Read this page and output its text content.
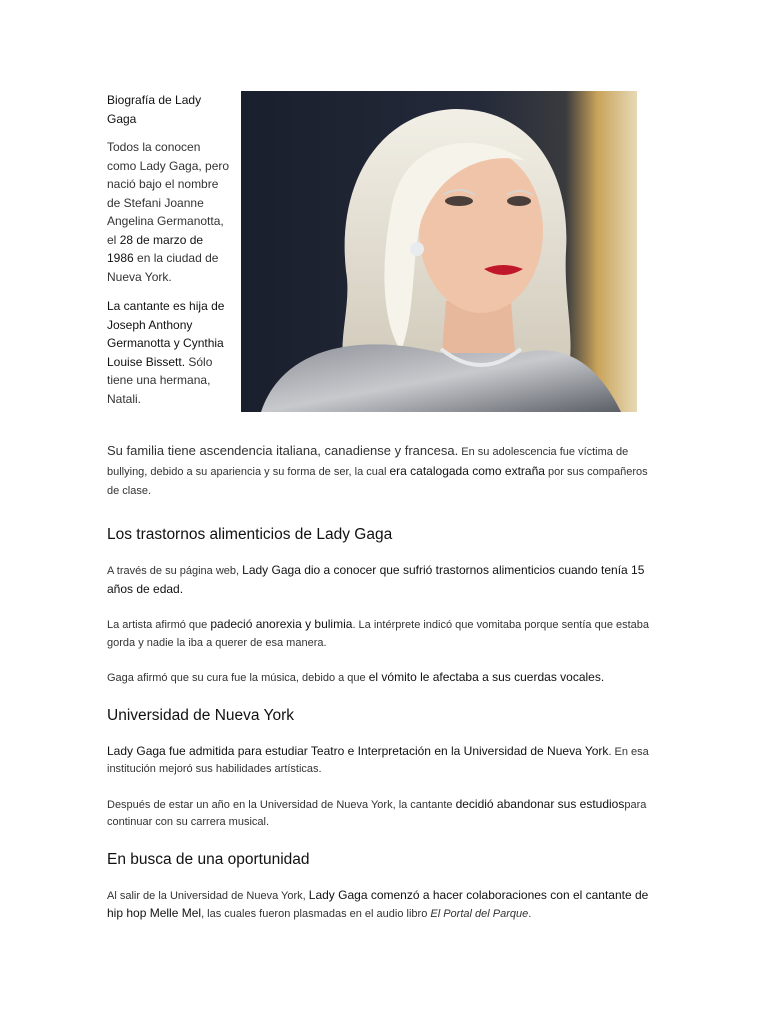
Biografía de Lady Gaga

Todos la conocen como Lady Gaga, pero nació bajo el nombre de Stefani Joanne Angelina Germanotta, el 28 de marzo de 1986 en la ciudad de Nueva York.

La cantante es hija de Joseph Anthony Germanotta y Cynthia Louise Bissett. Sólo tiene una hermana, Natali.

Su familia tiene ascendencia italiana, canadiense y francesa. En su adolescencia fue víctima de bullying, debido a su apariencia y su forma de ser, la cual era catalogada como extraña por sus compañeros de clase.

Los trastornos alimenticios de Lady Gaga

A través de su página web, Lady Gaga dio a conocer que sufrió trastornos alimenticios cuando tenía 15 años de edad.

La artista afirmó que padeció anorexia y bulimia. La intérprete indicó que vomitaba porque sentía que estaba gorda y nadie la iba a querer de esa manera.

Gaga afirmó que su cura fue la música, debido a que el vómito le afectaba a sus cuerdas vocales.

Universidad de Nueva York

Lady Gaga fue admitida para estudiar Teatro e Interpretación en la Universidad de Nueva York. En esa institución mejoró sus habilidades artísticas.

Después de estar un año en la Universidad de Nueva York, la cantante decidió abandonar sus estudiospara continuar con su carrera musical.

En busca de una oportunidad

Al salir de la Universidad de Nueva York, Lady Gaga comenzó a hacer colaboraciones con el cantante de hip hop Melle Mel, las cuales fueron plasmadas en el audio libro El Portal del Parque.
